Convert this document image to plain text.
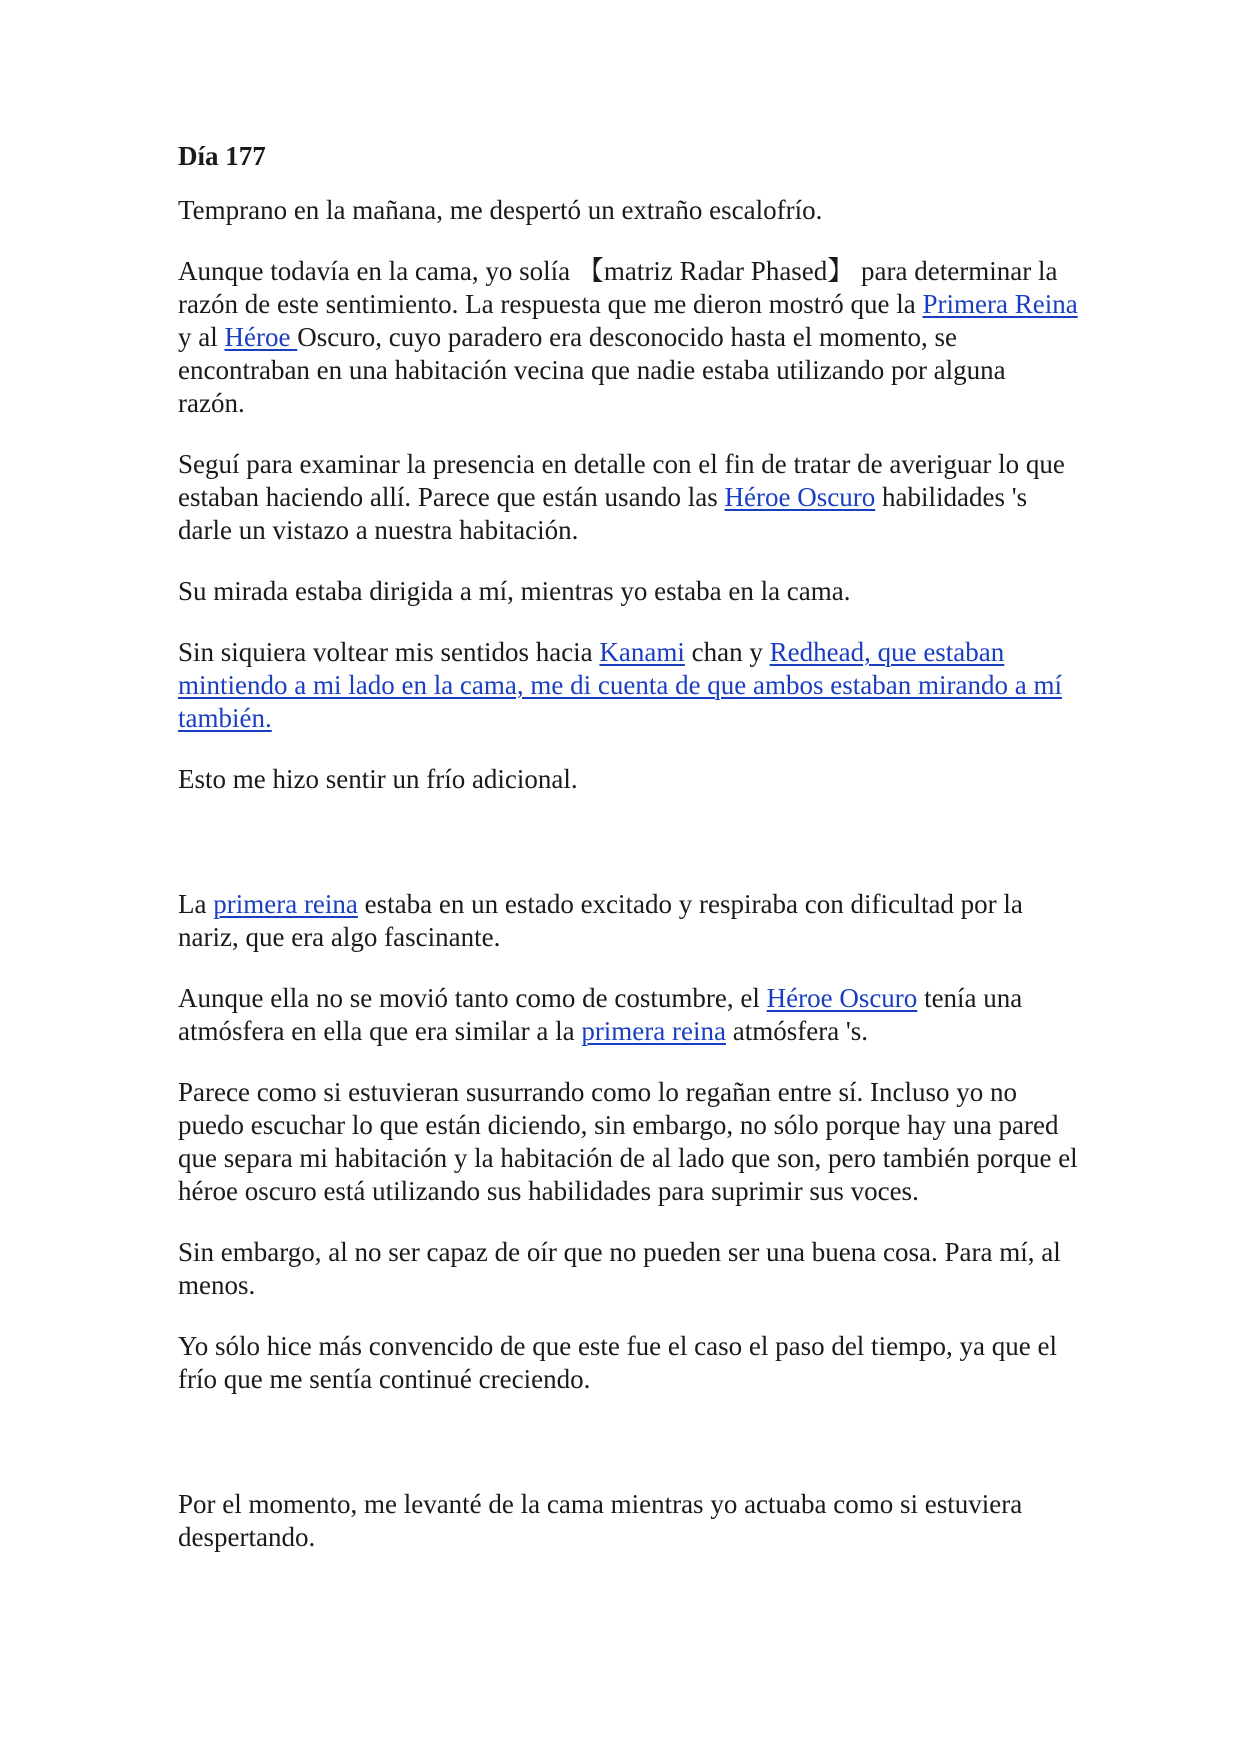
Día 177

Temprano en la mañana, me despertó un extraño escalofrío.

Aunque todavía en la cama, yo solía 【matriz Radar Phased】 para determinar la razón de este sentimiento. La respuesta que me dieron mostró que la Primera Reina y al Héroe Oscuro, cuyo paradero era desconocido hasta el momento, se encontraban en una habitación vecina que nadie estaba utilizando por alguna razón.

Seguí para examinar la presencia en detalle con el fin de tratar de averiguar lo que estaban haciendo allí. Parece que están usando las Héroe Oscuro habilidades 's darle un vistazo a nuestra habitación.

Su mirada estaba dirigida a mí, mientras yo estaba en la cama.

Sin siquiera voltear mis sentidos hacia Kanami chan y Redhead, que estaban mintiendo a mi lado en la cama, me di cuenta de que ambos estaban mirando a mí también.

Esto me hizo sentir un frío adicional.

La primera reina estaba en un estado excitado y respiraba con dificultad por la nariz, que era algo fascinante.

Aunque ella no se movió tanto como de costumbre, el Héroe Oscuro tenía una atmósfera en ella que era similar a la primera reina atmósfera 's.

Parece como si estuvieran susurrando como lo regañan entre sí. Incluso yo no puedo escuchar lo que están diciendo, sin embargo, no sólo porque hay una pared que separa mi habitación y la habitación de al lado que son, pero también porque el héroe oscuro está utilizando sus habilidades para suprimir sus voces.

Sin embargo, al no ser capaz de oír que no pueden ser una buena cosa. Para mí, al menos.

Yo sólo hice más convencido de que este fue el caso el paso del tiempo, ya que el frío que me sentía continué creciendo.

Por el momento, me levanté de la cama mientras yo actuaba como si estuviera despertando.
